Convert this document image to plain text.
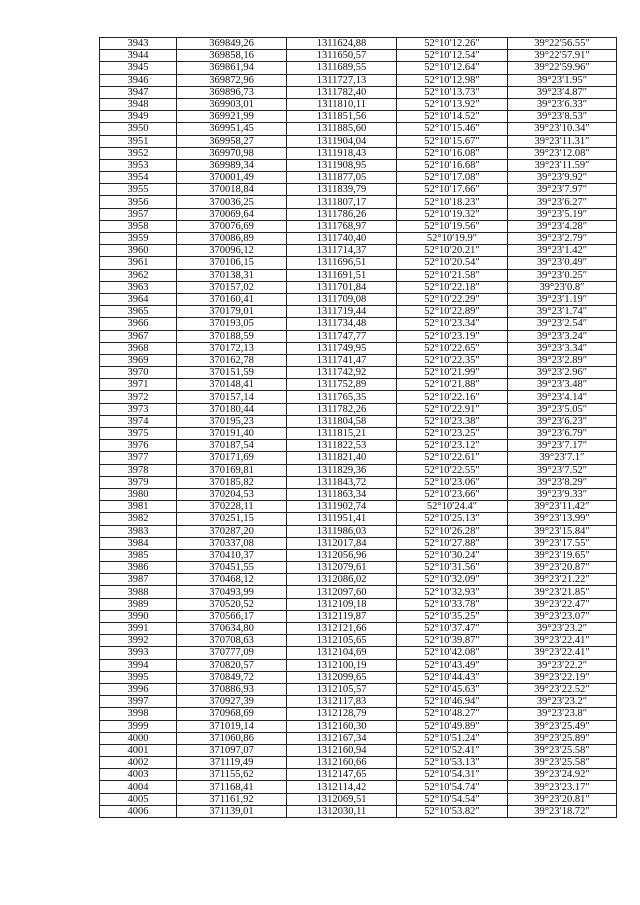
3943	369849,26	1311624,88	52°10′12.26″	39°22′56.55″
3944	369858,16	1311650,57	52°10′12.54″	39°22′57.91″
3945	369861,94	1311689,55	52°10′12.64″	39°22′59.96″
3946	369872,96	1311727,13	52°10′12.98″	39°23′1.95″
3947	369896,73	1311782,40	52°10′13.73″	39°23′4.87″
3948	369903,01	1311810,11	52°10′13.92″	39°23′6.33″
3949	369921,99	1311851,56	52°10′14.52″	39°23′8.53″
3950	369951,45	1311885,60	52°10′15.46″	39°23′10.34″
3951	369958,27	1311904,04	52°10′15.67″	39°23′11.31″
3952	369970,98	1311918,43	52°10′16.08″	39°23′12.08″
3953	369989,34	1311908,95	52°10′16.68″	39°23′11.59″
3954	370001,49	1311877,05	52°10′17.08″	39°23′9.92″
3955	370018,84	1311839,79	52°10′17.66″	39°23′7.97″
3956	370036,25	1311807,17	52°10′18.23″	39°23′6.27″
3957	370069,64	1311786,26	52°10′19.32″	39°23′5.19″
3958	370076,69	1311768,97	52°10′19.56″	39°23′4.28″
3959	370086,89	1311740,40	52°10′19.9″	39°23′2.79″
3960	370096,12	1311714,37	52°10′20.21″	39°23′1.42″
3961	370106,15	1311696,51	52°10′20.54″	39°23′0.49″
3962	370138,31	1311691,51	52°10′21.58″	39°23′0.25″
3963	370157,02	1311701,84	52°10′22.18″	39°23′0.8″
3964	370160,41	1311709,08	52°10′22.29″	39°23′1.19″
3965	370179,01	1311719,44	52°10′22.89″	39°23′1.74″
3966	370193,05	1311734,48	52°10′23.34″	39°23′2.54″
3967	370188,59	1311747,77	52°10′23.19″	39°23′3.24″
3968	370172,13	1311749,95	52°10′22.65″	39°23′3.34″
3969	370162,78	1311741,47	52°10′22.35″	39°23′2.89″
3970	370151,59	1311742,92	52°10′21.99″	39°23′2.96″
3971	370148,41	1311752,89	52°10′21.88″	39°23′3.48″
3972	370157,14	1311765,35	52°10′22.16″	39°23′4.14″
3973	370180,44	1311782,26	52°10′22.91″	39°23′5.05″
3974	370195,23	1311804,58	52°10′23.38″	39°23′6.23″
3975	370191,40	1311815,21	52°10′23.25″	39°23′6.79″
3976	370187,54	1311822,53	52°10′23.12″	39°23′7.17″
3977	370171,69	1311821,40	52°10′22.61″	39°23′7.1″
3978	370169,81	1311829,36	52°10′22.55″	39°23′7.52″
3979	370185,82	1311843,72	52°10′23.06″	39°23′8.29″
3980	370204,53	1311863,34	52°10′23.66″	39°23′9.33″
3981	370228,11	1311902,74	52°10′24.4″	39°23′11.42″
3982	370251,15	1311951,41	52°10′25.13″	39°23′13.99″
3983	370287,20	1311986,03	52°10′26.28″	39°23′15.84″
3984	370337,08	1312017,84	52°10′27.88″	39°23′17.55″
3985	370410,37	1312056,96	52°10′30.24″	39°23′19.65″
3986	370451,55	1312079,61	52°10′31.56″	39°23′20.87″
3987	370468,12	1312086,02	52°10′32.09″	39°23′21.22″
3988	370493,99	1312097,60	52°10′32.93″	39°23′21.85″
3989	370520,52	1312109,18	52°10′33.78″	39°23′22.47″
3990	370566,17	1312119,87	52°10′35.25″	39°23′23.07″
3991	370634,80	1312121,66	52°10′37.47″	39°23′23.2″
3992	370708,63	1312105,65	52°10′39.87″	39°23′22.41″
3993	370777,09	1312104,69	52°10′42.08″	39°23′22.41″
3994	370820,57	1312100,19	52°10′43.49″	39°23′22.2″
3995	370849,72	1312099,65	52°10′44.43″	39°23′22.19″
3996	370886,93	1312105,57	52°10′45.63″	39°23′22.52″
3997	370927,39	1312117,83	52°10′46.94″	39°23′23.2″
3998	370968,69	1312128,79	52°10′48.27″	39°23′23.8″
3999	371019,14	1312160,30	52°10′49.89″	39°23′25.49″
4000	371060,86	1312167,34	52°10′51.24″	39°23′25.89″
4001	371097,07	1312160,94	52°10′52.41″	39°23′25.58″
4002	371119,49	1312160,66	52°10′53.13″	39°23′25.58″
4003	371155,62	1312147,65	52°10′54.31″	39°23′24.92″
4004	371168,41	1312114,42	52°10′54.74″	39°23′23.17″
4005	371161,92	1312069,51	52°10′54.54″	39°23′20.81″
4006	371139,01	1312030,11	52°10′53.82″	39°23′18.72″
